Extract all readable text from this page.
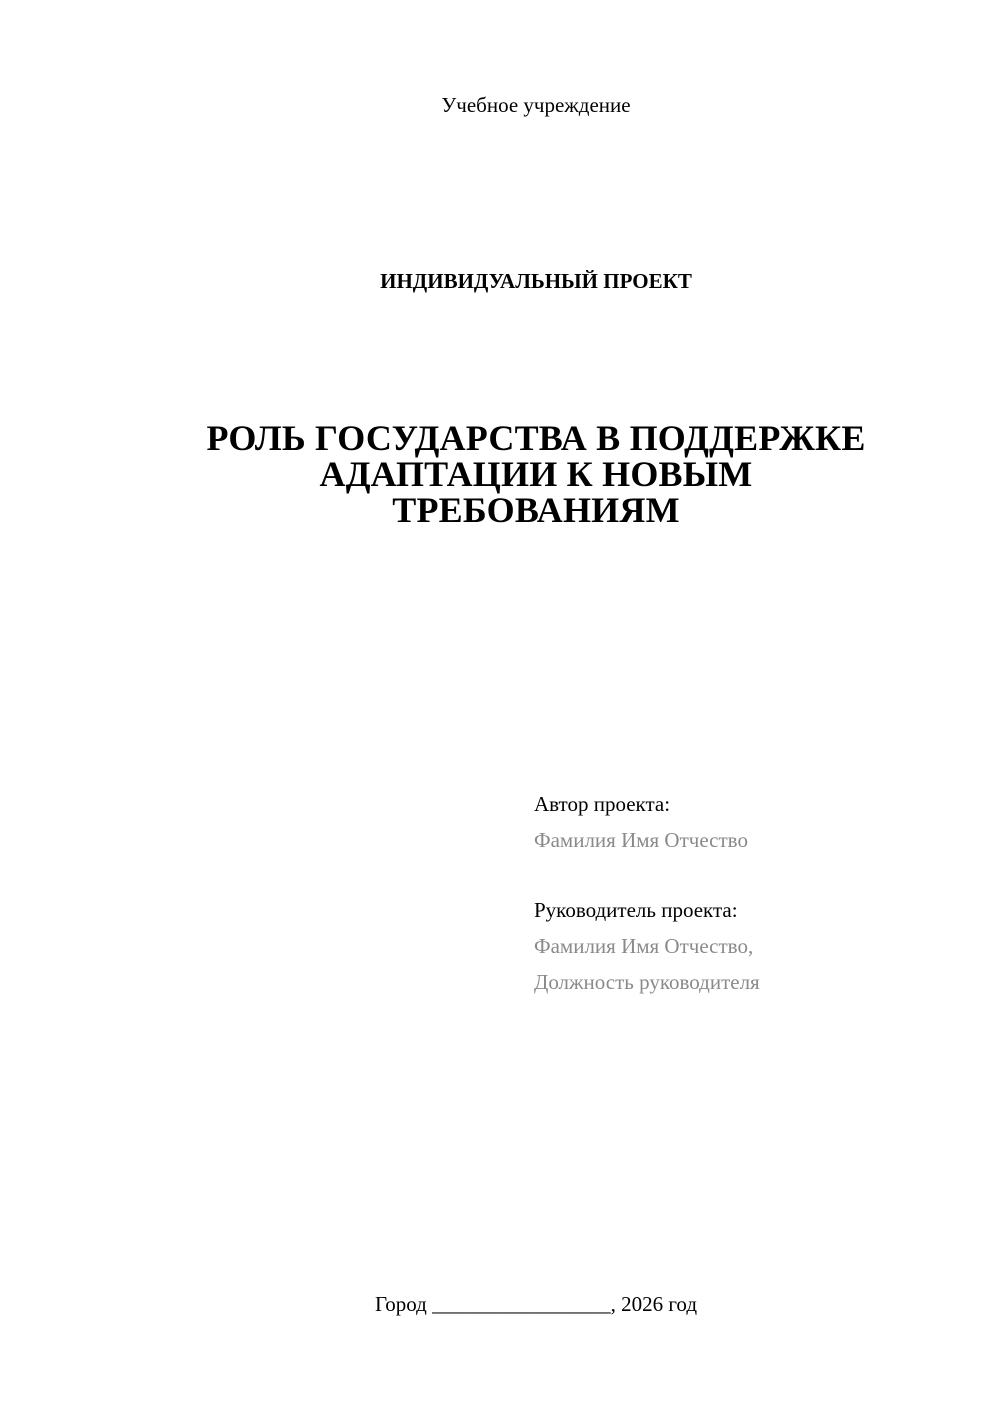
Учебное учреждение
ИНДИВИДУАЛЬНЫЙ ПРОЕКТ
РОЛЬ ГОСУДАРСТВА В ПОДДЕРЖКЕ
АДАПТАЦИИ К НОВЫМ
ТРЕБОВАНИЯМ
Автор проекта:
Фамилия Имя Отчество
Руководитель проекта:
Фамилия Имя Отчество,
Должность руководителя
Город _________________, 2026 год
